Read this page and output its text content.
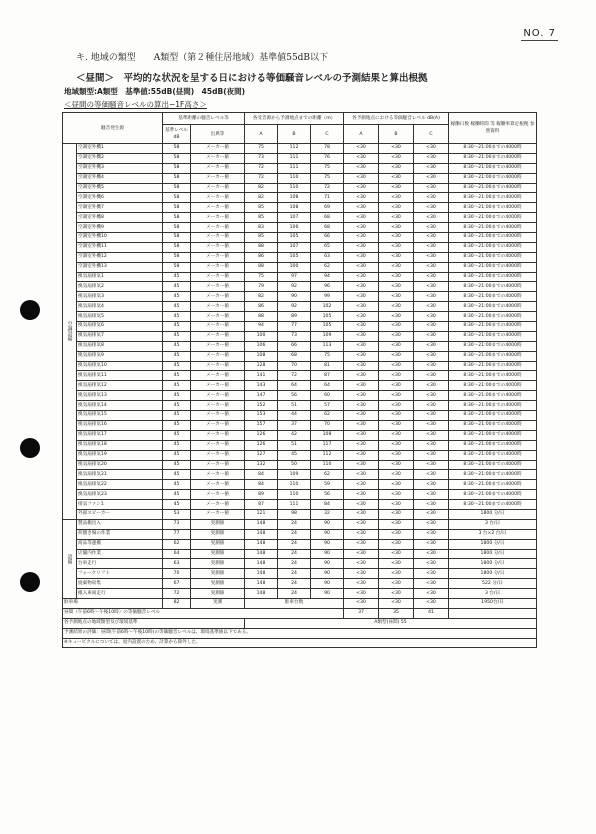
NO. 7
キ. 地域の類型　　A類型（第２種住居地域）基準値55dB以下
＜昼間＞　平均的な状況を呈する日における等価騒音レベルの予測結果と算出根拠
地域類型:A類型　基準値:55dB(昼間)　45dB(夜間)
＜昼間の等価騒音レベルの算出−1F高さ＞
騒音発生源		基準距離の騒音レベル等		各受音源から予測地点までの距離（m）			各予測地点における等価騒音レベル dB(A)			稼働日数 稼働時間 等 稼働率算定根拠 参照資料
		基準レベル dB	出典等	A	B	C	A	B	C	
空調設備	空調室外機1	58	メーカー値	75	112	78	<30	<30	<30	8:30〜21:00までの4000時
	空調室外機2	58	メーカー値	73	111	76	<30	<30	<30	8:30〜21:00までの4000時
	空調室外機3	58	メーカー値	72	111	75	<30	<30	<30	8:30〜21:00までの4000時
	空調室外機4	58	メーカー値	72	110	75	<30	<30	<30	8:30〜21:00までの4000時
	空調室外機5	58	メーカー値	82	110	72	<30	<30	<30	8:30〜21:00までの4000時
	空調室外機6	58	メーカー値	82	108	71	<30	<30	<30	8:30〜21:00までの4000時
	空調室外機7	58	メーカー値	85	108	69	<30	<30	<30	8:30〜21:00までの4000時
	空調室外機8	58	メーカー値	85	107	68	<30	<30	<30	8:30〜21:00までの4000時
	空調室外機9	58	メーカー値	83	106	68	<30	<30	<30	8:30〜21:00までの4000時
	空調室外機10	58	メーカー値	85	105	66	<30	<30	<30	8:30〜21:00までの4000時
	空調室外機11	58	メーカー値	88	107	65	<30	<30	<30	8:30〜21:00までの4000時
	空調室外機12	58	メーカー値	86	105	63	<30	<30	<30	8:30〜21:00までの4000時
	空調室外機13	58	メーカー値	88	100	62	<30	<30	<30	8:30〜21:00までの4000時
	換気扇排気1	45	メーカー値	75	97	94	<30	<30	<30	8:30〜21:00までの4000時
	換気扇排気2	45	メーカー値	79	92	96	<30	<30	<30	8:30〜21:00までの4000時
	換気扇排気3	45	メーカー値	82	90	99	<30	<30	<30	8:30〜21:00までの4000時
	換気扇排気4	45	メーカー値	86	92	102	<30	<30	<30	8:30〜21:00までの4000時
	換気扇排気5	45	メーカー値	88	89	105	<30	<30	<30	8:30〜21:00までの4000時
	換気扇排気6	45	メーカー値	94	77	105	<30	<30	<30	8:30〜21:00までの4000時
	換気扇排気7	45	メーカー値	100	73	109	<30	<30	<30	8:30〜21:00までの4000時
	換気扇排気8	45	メーカー値	106	66	113	<30	<30	<30	8:30〜21:00までの4000時
	換気扇排気9	45	メーカー値	108	68	75	<30	<30	<30	8:30〜21:00までの4000時
	換気扇排気10	45	メーカー値	128	70	81	<30	<30	<30	8:30〜21:00までの4000時
	換気扇排気11	45	メーカー値	141	72	87	<30	<30	<30	8:30〜21:00までの4000時
	換気扇排気12	45	メーカー値	143	64	64	<30	<30	<30	8:30〜21:00までの4000時
	換気扇排気13	45	メーカー値	147	56	60	<30	<30	<30	8:30〜21:00までの4000時
	換気扇排気14	45	メーカー値	152	51	57	<30	<30	<30	8:30〜21:00までの4000時
	換気扇排気15	45	メーカー値	153	44	62	<30	<30	<30	8:30〜21:00までの4000時
	換気扇排気16	45	メーカー値	157	37	70	<30	<30	<30	8:30〜21:00までの4000時
	換気扇排気17	45	メーカー値	126	42	108	<30	<30	<30	8:30〜21:00までの4000時
	換気扇排気18	45	メーカー値	126	51	117	<30	<30	<30	8:30〜21:00までの4000時
	換気扇排気19	45	メーカー値	127	45	112	<30	<30	<30	8:30〜21:00までの4000時
	換気扇排気20	45	メーカー値	132	50	110	<30	<30	<30	8:30〜21:00までの4000時
	換気扇排気21	45	メーカー値	84	109	62	<30	<30	<30	8:30〜21:00までの4000時
	換気扇排気22	45	メーカー値	84	110	59	<30	<30	<30	8:30〜21:00までの4000時
	換気扇排気23	45	メーカー値	89	110	56	<30	<30	<30	8:30〜21:00までの4000時
	排気ファン1	45	メーカー値	87	111	84	<30	<30	<30	8:30〜21:00までの4000時
	外部スピーカー	53	メーカー値	121	98	32	<30	<30	<30	1800 分/日
設備	製品搬出入	73	実測値	148	24	90	<30	<30	<30	3 台/日
	荷捌き場の作業	77	実測値	148	24	90	<30	<30	<30	3 台×2 台/日
	商品等運搬	62	実測値	148	24	90	<30	<30	<30	1800 分/日
	店舗内作業	64	実測値	148	24	90	<30	<30	<30	1800 分/日
	台車走行	63	実測値	148	24	90	<30	<30	<30	1800 分/日
	フォークリフト	70	実測値	148	24	90	<30	<30	<30	1800 分/日
	廃棄物収集	67	実測値	148	24	90	<30	<30	<30	522 分/日
	搬入車両走行	72	実測値	148	24	90	<30	<30	<30	3 台/日
駐車場		82	実測	駐車台数			<30	<30	<30	1950台/日
昼間（午前6時〜午後10時）の等価騒音レベル							37	35	41	
各予測地点の地域類型及び環境基準				A類型(昼間) 55						
予測結果の評価：昼間(午前6時〜午後10時)の等価騒音レベルは、環境基準値以下である。										
※キュービクルについては、屋内設置のため、計算から除外した。										
